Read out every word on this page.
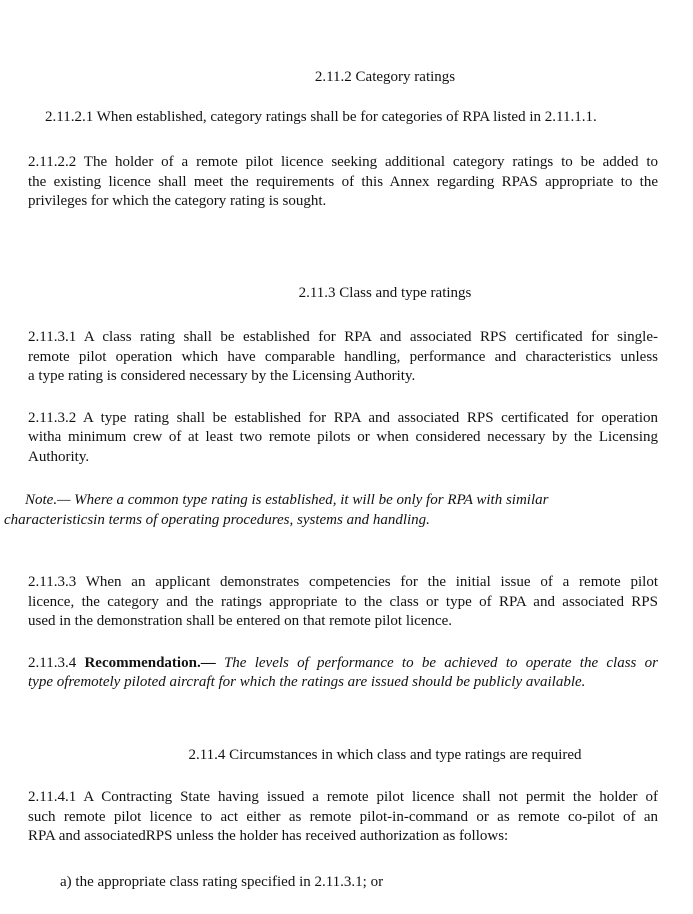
2.11.2 Category ratings
2.11.2.1 When established, category ratings shall be for categories of RPA listed in 2.11.1.1.
2.11.2.2 The holder of a remote pilot licence seeking additional category ratings to be added to
the existing licence shall meet the requirements of this Annex regarding RPAS appropriate to the
privileges for which the category rating is sought.
2.11.3 Class and type ratings
2.11.3.1 A class rating shall be established for RPA and associated RPS certificated for single-
remote pilot operation which have comparable handling, performance and characteristics unless
a type rating is considered necessary by the Licensing Authority.
2.11.3.2 A type rating shall be established for RPA and associated RPS certificated for operation
witha minimum crew of at least two remote pilots or when considered necessary by the Licensing
Authority.
Note.— Where a common type rating is established, it will be only for RPA with similar
characteristicsin terms of operating procedures, systems and handling.
2.11.3.3 When an applicant demonstrates competencies for the initial issue of a remote pilot
licence, the category and the ratings appropriate to the class or type of RPA and associated RPS
used in the demonstration shall be entered on that remote pilot licence.
2.11.3.4 Recommendation.— The levels of performance to be achieved to operate the class or
type ofremotely piloted aircraft for which the ratings are issued should be publicly available.
2.11.4 Circumstances in which class and type ratings are required
2.11.4.1 A Contracting State having issued a remote pilot licence shall not permit the holder of
such remote pilot licence to act either as remote pilot-in-command or as remote co-pilot of an
RPA and associatedRPS unless the holder has received authorization as follows:
a) the appropriate class rating specified in 2.11.3.1; or
